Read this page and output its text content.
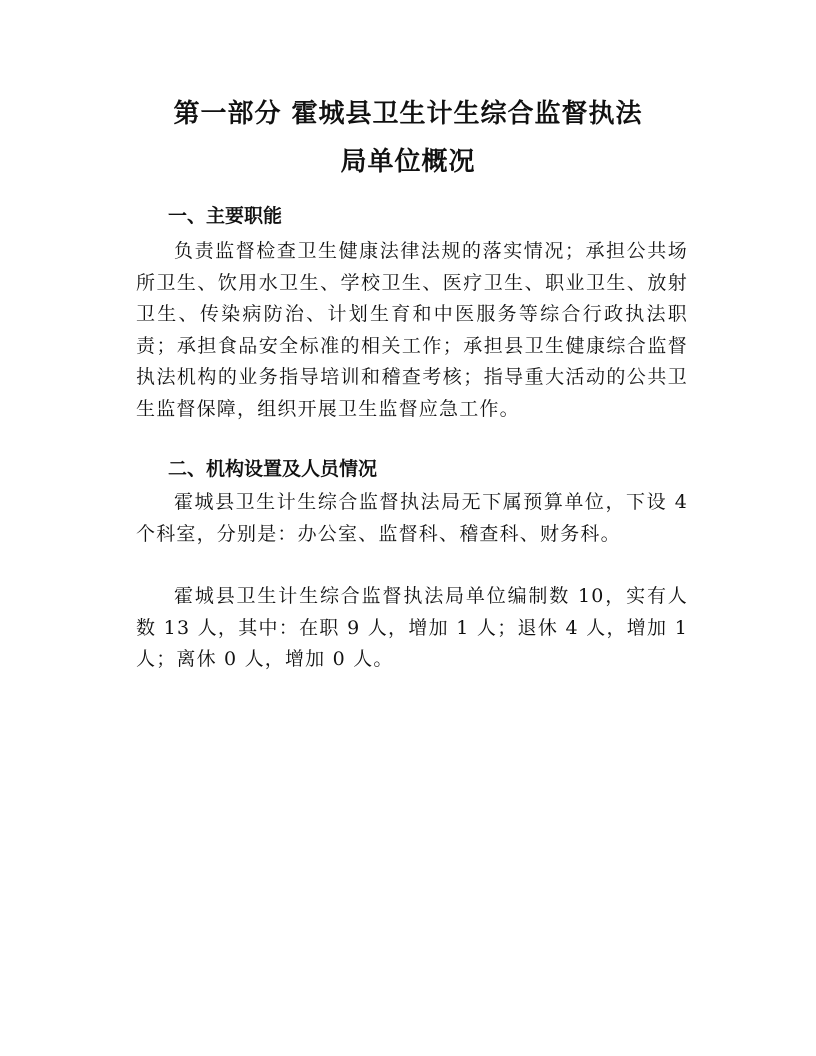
第一部分 霍城县卫生计生综合监督执法
局单位概况
一、主要职能

负责监督检查卫生健康法律法规的落实情况；承担公共场所卫生、饮用水卫生、学校卫生、医疗卫生、职业卫生、放射卫生、传染病防治、计划生育和中医服务等综合行政执法职责；承担食品安全标准的相关工作；承担县卫生健康综合监督执法机构的业务指导培训和稽查考核；指导重大活动的公共卫生监督保障，组织开展卫生监督应急工作。

二、机构设置及人员情况

霍城县卫生计生综合监督执法局无下属预算单位，下设 4 个科室，分别是：办公室、监督科、稽查科、财务科。

霍城县卫生计生综合监督执法局单位编制数 10，实有人数 13 人，其中：在职 9 人，增加 1 人；退休 4 人，增加 1 人；离休 0 人，增加 0 人。
